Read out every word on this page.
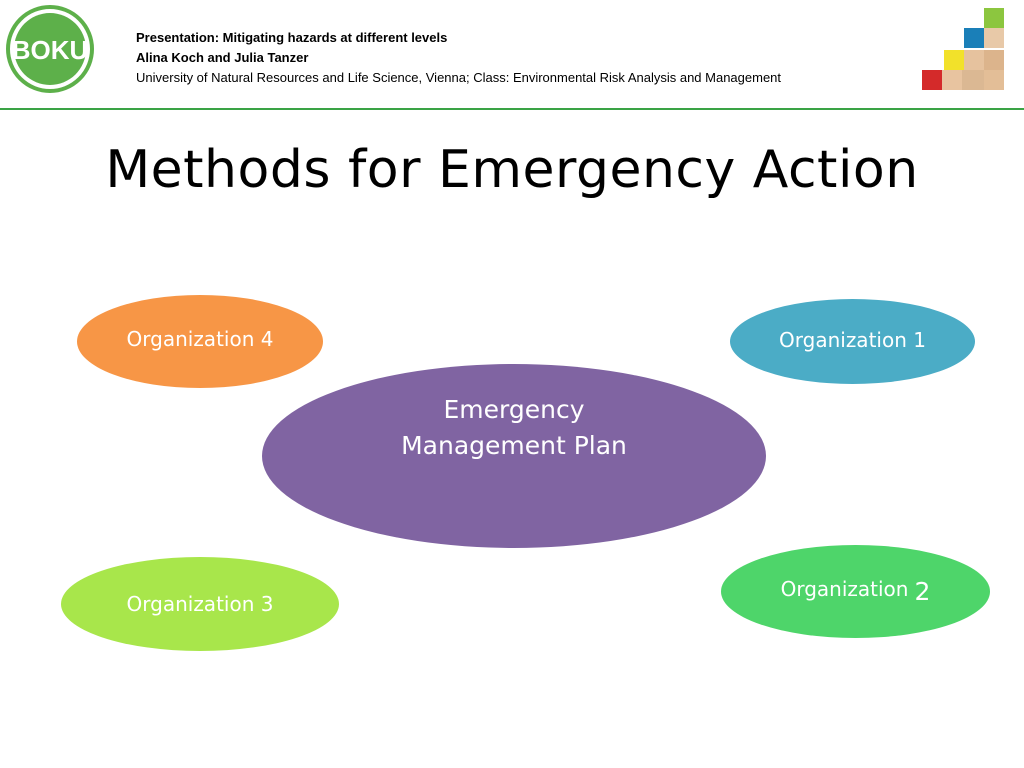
BOKU	Presentation: Mitigating hazards at different levels
Alina Koch and Julia Tanzer
University of Natural Resources and Life Science, Vienna; Class: Environmental Risk Analysis and Management
Methods for Emergency Action
Organization 4	Organization 1
Emergency
Management Plan
Organization 3
Organization 2
